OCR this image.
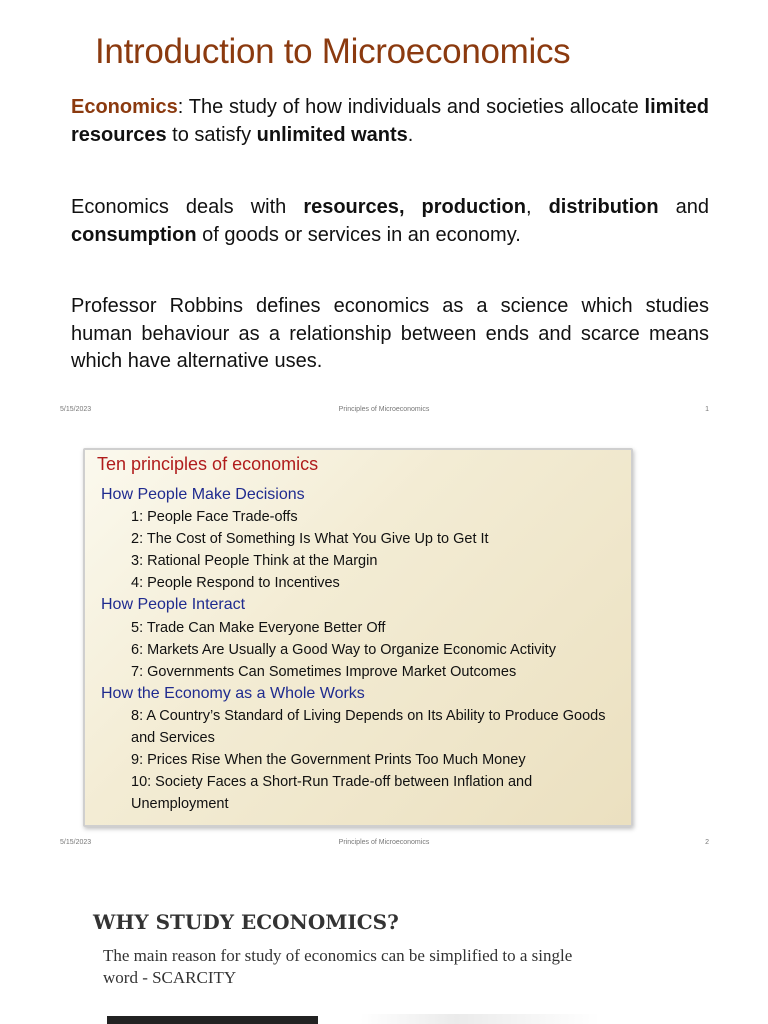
Introduction to Microeconomics

Economics: The study of how individuals and societies allocate limited resources to satisfy unlimited wants.

Economics deals with resources, production, distribution and consumption of goods or services in an economy.

Professor Robbins defines economics as a science which studies human behaviour as a relationship between ends and scarce means which have alternative uses.

5/15/2023	Principles of Microeconomics	1
Ten principles of economics

How People Make Decisions

1: People Face Trade-offs

2: The Cost of Something Is What You Give Up to Get It

3: Rational People Think at the Margin

4: People Respond to Incentives

How People Interact

5: Trade Can Make Everyone Better Off

6: Markets Are Usually a Good Way to Organize Economic Activity

7: Governments Can Sometimes Improve Market Outcomes

How the Economy as a Whole Works

8: A Country’s Standard of Living Depends on Its Ability to Produce Goods and Services

9: Prices Rise When the Government Prints Too Much Money

10: Society Faces a Short-Run Trade-off between Inflation and Unemployment

5/15/2023	Principles of Microeconomics	2
WHY STUDY ECONOMICS?

The main reason for study of economics can be simplified to a single word - SCARCITY
